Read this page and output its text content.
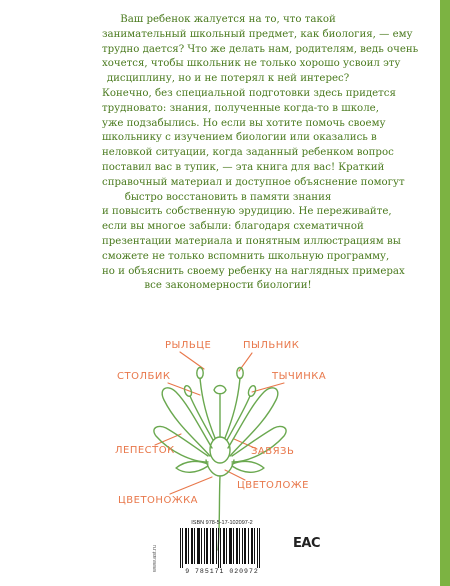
Ваш ребенок жалуется на то, что такой
занимательный школьный предмет, как биология, — ему
трудно дается? Что же делать нам, родителям, ведь очень
хочется, чтобы школьник не только хорошо усвоил эту
дисциплину, но и не потерял к ней интерес?
Конечно, без специальной подготовки здесь придется
трудновато: знания, полученные когда-то в школе,
уже подзабылись. Но если вы хотите помочь своему
школьнику с изучением биологии или оказались в
неловкой ситуации, когда заданный ребенком вопрос
поставил вас в тупик, — эта книга для вас! Краткий
справочный материал и доступное объяснение помогут
быстро восстановить в памяти знания
и повысить собственную эрудицию. Не переживайте,
если вы многое забыли: благодаря схематичной
презентации материала и понятным иллюстрациям вы
сможете не только вспомнить школьную программу,
но и объяснить своему ребенку на наглядных примерах
все закономерности биологии!
РЫЛЬЦЕ	ПЫЛЬНИК
СТОЛБИК	ТЫЧИНКА
ЛЕПЕСТОК	ЗАВЯЗЬ
ЦВЕТОЛОЖЕ
ЦВЕТОНОЖКА
www.ast.ru
ISBN 978-5-17-102097-2
9 785171 020972
EAC
